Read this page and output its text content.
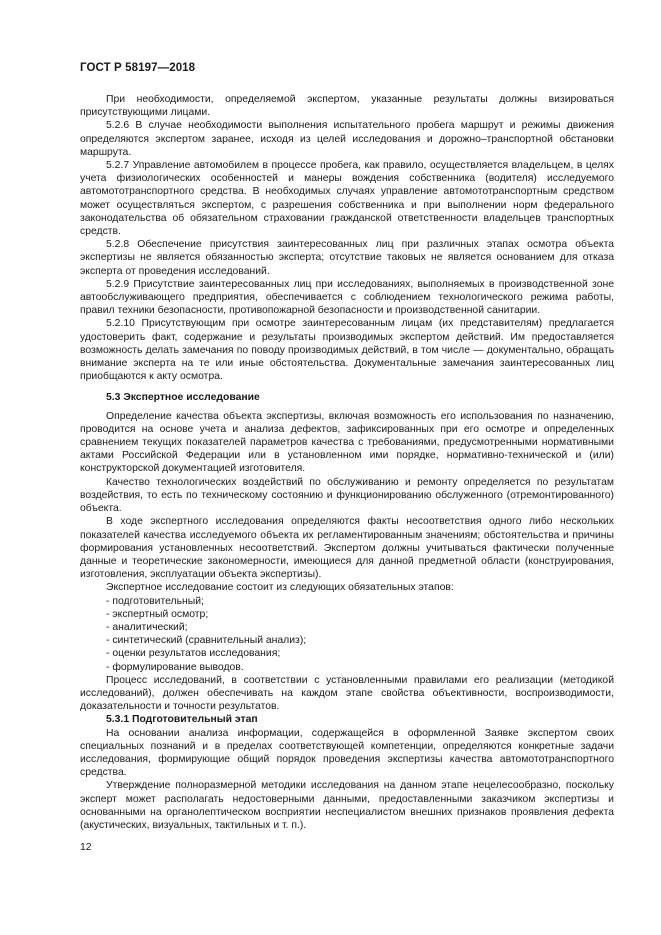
ГОСТ Р 58197—2018

При необходимости, определяемой экспертом, указанные результаты должны визироваться присутствующими лицами.

5.2.6 В случае необходимости выполнения испытательного пробега маршрут и режимы движения определяются экспертом заранее, исходя из целей исследования и дорожно–транспортной обстановки маршрута.

5.2.7 Управление автомобилем в процессе пробега, как правило, осуществляется владельцем, в целях учета физиологических особенностей и манеры вождения собственника (водителя) исследуемого автомототранспортного средства. В необходимых случаях управление автомототранспортным средством может осуществляться экспертом, с разрешения собственника и при выполнении норм федерального законодательства об обязательном страховании гражданской ответственности владельцев транспортных средств.

5.2.8 Обеспечение присутствия заинтересованных лиц при различных этапах осмотра объекта экспертизы не является обязанностью эксперта; отсутствие таковых не является основанием для отказа эксперта от проведения исследований.

5.2.9 Присутствие заинтересованных лиц при исследованиях, выполняемых в производственной зоне автообслуживающего предприятия, обеспечивается с соблюдением технологического режима работы, правил техники безопасности, противопожарной безопасности и производственной санитарии.

5.2.10 Присутствующим при осмотре заинтересованным лицам (их представителям) предлагается удостоверить факт, содержание и результаты производимых экспертом действий. Им предоставляется возможность делать замечания по поводу производимых действий, в том числе — документально, обращать внимание эксперта на те или иные обстоятельства. Документальные замечания заинтересованных лиц приобщаются к акту осмотра.

5.3 Экспертное исследование

Определение качества объекта экспертизы, включая возможность его использования по назначению, проводится на основе учета и анализа дефектов, зафиксированных при его осмотре и определенных сравнением текущих показателей параметров качества с требованиями, предусмотренными нормативными актами Российской Федерации или в установленном ими порядке, нормативно-технической и (или) конструкторской документацией изготовителя.

Качество технологических воздействий по обслуживанию и ремонту определяется по результатам воздействия, то есть по техническому состоянию и функционированию обслуженного (отремонтированного) объекта.

В ходе экспертного исследования определяются факты несоответствия одного либо нескольких показателей качества исследуемого объекта их регламентированным значениям; обстоятельства и причины формирования установленных несоответствий. Экспертом должны учитываться фактически полученные данные и теоретические закономерности, имеющиеся для данной предметной области (конструирования, изготовления, эксплуатации объекта экспертизы).

Экспертное исследование состоит из следующих обязательных этапов:

- подготовительный;
- экспертный осмотр;
- аналитический;
- синтетический (сравнительный анализ);
- оценки результатов исследования;
- формулирование выводов.

Процесс исследований, в соответствии с установленными правилами его реализации (методикой исследований), должен обеспечивать на каждом этапе свойства объективности, воспроизводимости, доказательности и точности результатов.

5.3.1 Подготовительный этап

На основании анализа информации, содержащейся в оформленной Заявке экспертом своих специальных познаний и в пределах соответствующей компетенции, определяются конкретные задачи исследования, формирующие общий порядок проведения экспертизы качества автомототранспортного средства.

Утверждение полноразмерной методики исследования на данном этапе нецелесообразно, поскольку эксперт может располагать недостоверными данными, предоставленными заказчиком экспертизы и основанными на органолептическом восприятии неспециалистом внешних признаков проявления дефекта (акустических, визуальных, тактильных и т. п.).

12
